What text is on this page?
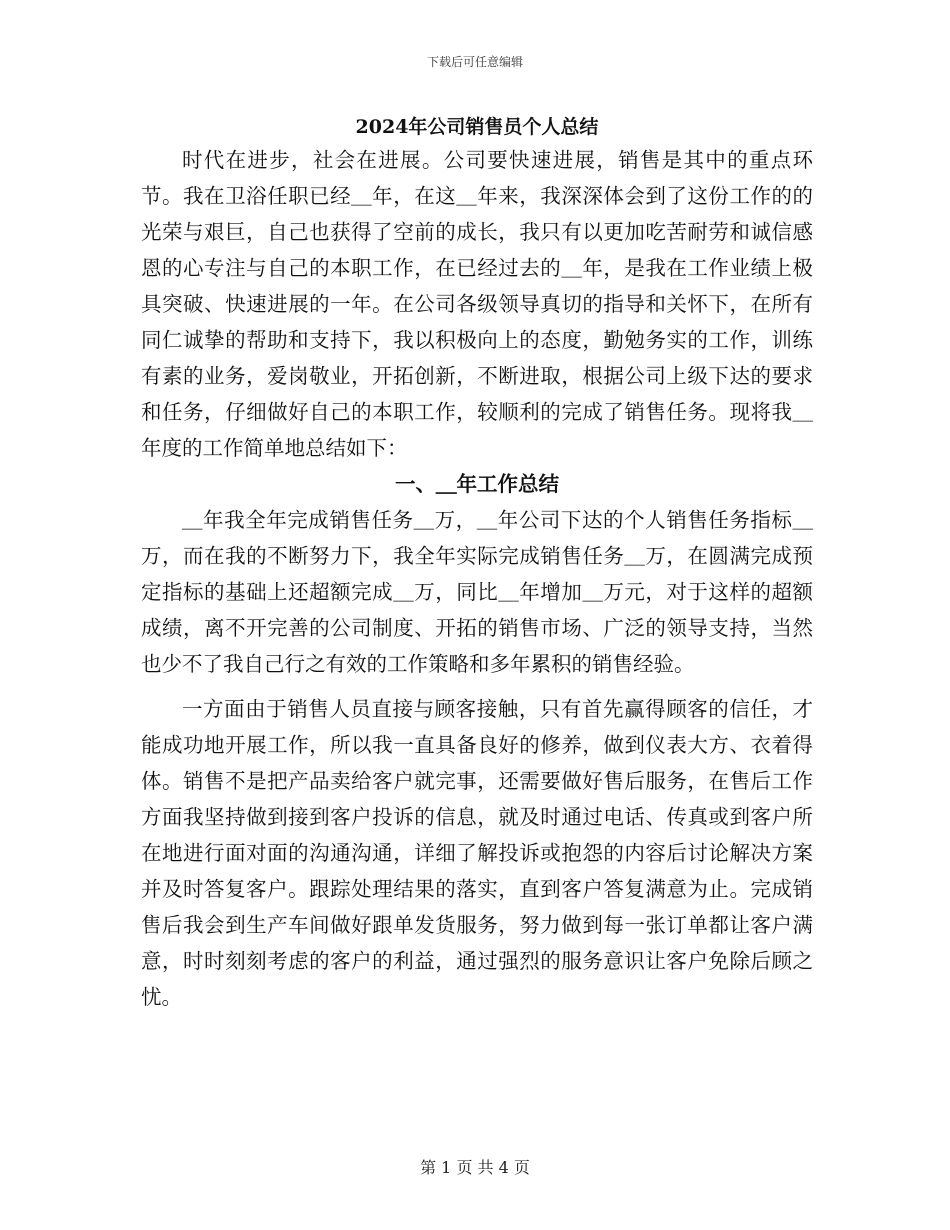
下载后可任意编辑
2024年公司销售员个人总结

时代在进步，社会在进展。公司要快速进展，销售是其中的重点环节。我在卫浴任职已经＿年，在这＿年来，我深深体会到了这份工作的的光荣与艰巨，自己也获得了空前的成长，我只有以更加吃苦耐劳和诚信感恩的心专注与自己的本职工作，在已经过去的＿年，是我在工作业绩上极具突破、快速进展的一年。在公司各级领导真切的指导和关怀下，在所有同仁诚挚的帮助和支持下，我以积极向上的态度，勤勉务实的工作，训练有素的业务，爱岗敬业，开拓创新，不断进取，根据公司上级下达的要求和任务，仔细做好自己的本职工作，较顺利的完成了销售任务。现将我＿年度的工作简单地总结如下：

一、＿年工作总结

＿年我全年完成销售任务＿万，＿年公司下达的个人销售任务指标＿万，而在我的不断努力下，我全年实际完成销售任务＿万，在圆满完成预定指标的基础上还超额完成＿万，同比＿年增加＿万元，对于这样的超额成绩，离不开完善的公司制度、开拓的销售市场、广泛的领导支持，当然也少不了我自己行之有效的工作策略和多年累积的销售经验。

一方面由于销售人员直接与顾客接触，只有首先赢得顾客的信任，才能成功地开展工作，所以我一直具备良好的修养，做到仪表大方、衣着得体。销售不是把产品卖给客户就完事，还需要做好售后服务，在售后工作方面我坚持做到接到客户投诉的信息，就及时通过电话、传真或到客户所在地进行面对面的沟通沟通，详细了解投诉或抱怨的内容后讨论解决方案并及时答复客户。跟踪处理结果的落实，直到客户答复满意为止。完成销售后我会到生产车间做好跟单发货服务，努力做到每一张订单都让客户满意，时时刻刻考虑的客户的利益，通过强烈的服务意识让客户免除后顾之忧。

第 1 页 共 4 页
